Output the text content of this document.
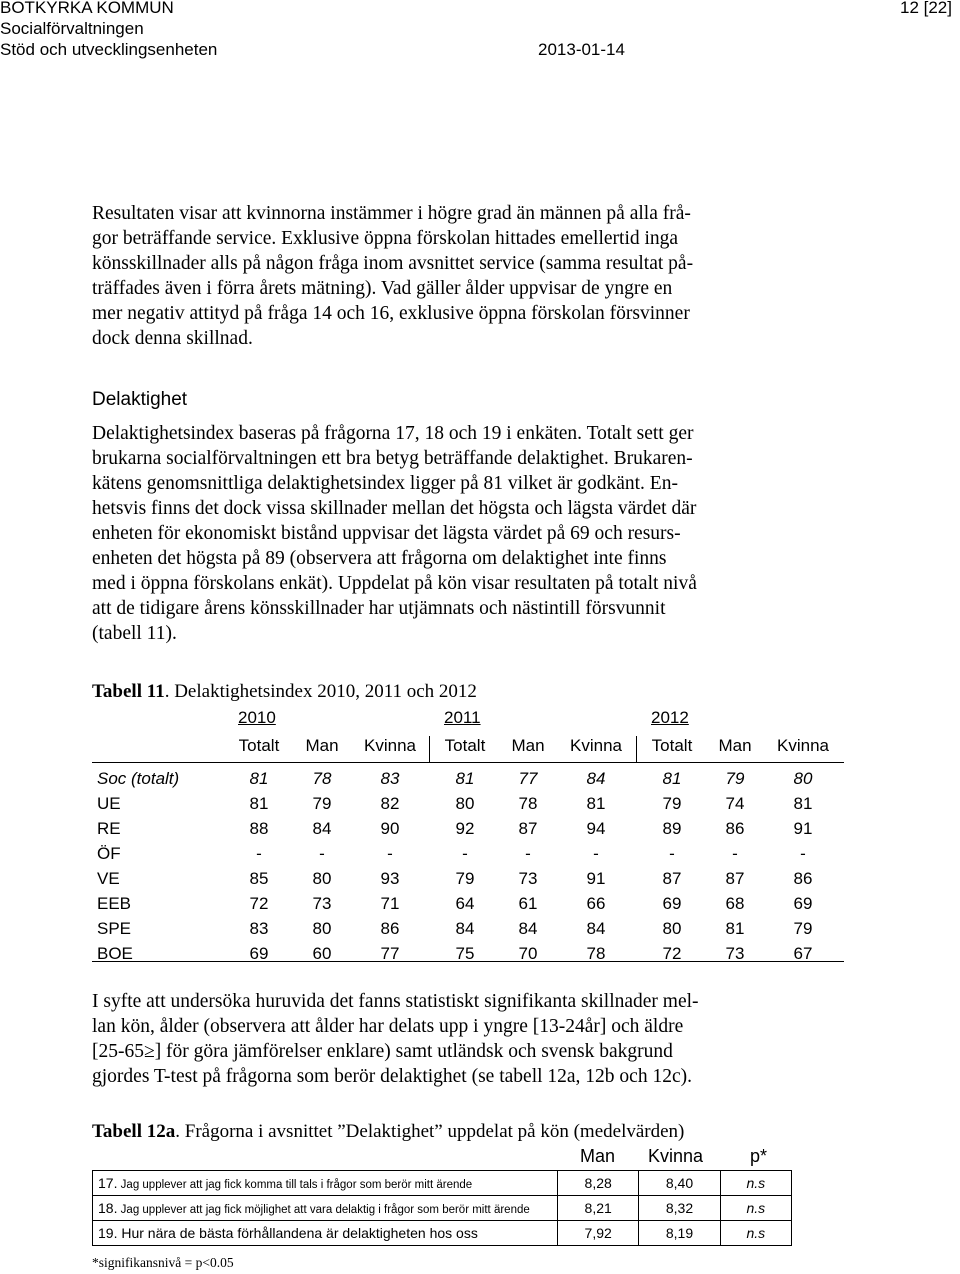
BOTKYRKA KOMMUN
Socialförvaltningen
Stöd och utvecklingsenheten	2013-01-14
12 [22]
Resultaten visar att kvinnorna instämmer i högre grad än männen på alla frå-
gor beträffande service. Exklusive öppna förskolan hittades emellertid inga
könsskillnader alls på någon fråga inom avsnittet service (samma resultat på-
träffades även i förra årets mätning). Vad gäller ålder uppvisar de yngre en
mer negativ attityd på fråga 14 och 16, exklusive öppna förskolan försvinner
dock denna skillnad.
Delaktighet
Delaktighetsindex baseras på frågorna 17, 18 och 19 i enkäten. Totalt sett ger
brukarna socialförvaltningen ett bra betyg beträffande delaktighet. Brukaren-
kätens genomsnittliga delaktighetsindex ligger på 81 vilket är godkänt. En-
hetsvis finns det dock vissa skillnader mellan det högsta och lägsta värdet där
enheten för ekonomiskt bistånd uppvisar det lägsta värdet på 69 och resurs-
enheten det högsta på 89 (observera att frågorna om delaktighet inte finns
med i öppna förskolans enkät). Uppdelat på kön visar resultaten på totalt nivå
att de tidigare årens könsskillnader har utjämnats och nästintill försvunnit
(tabell 11).
Tabell 11. Delaktighetsindex 2010, 2011 och 2012
2010	2011	2012
Totalt	Man	Kvinna	Totalt	Man	Kvinna	Totalt	Man	Kvinna
Soc (totalt)	81	78	83	81	77	84	81	79	80
UE	81	79	82	80	78	81	79	74	81
RE	88	84	90	92	87	94	89	86	91
ÖF	-	-	-	-	-	-	-	-	-
VE	85	80	93	79	73	91	87	87	86
EEB	72	73	71	64	61	66	69	68	69
SPE	83	80	86	84	84	84	80	81	79
BOE	69	60	77	75	70	78	72	73	67
I syfte att undersöka huruvida det fanns statistiskt signifikanta skillnader mel-
lan kön, ålder (observera att ålder har delats upp i yngre [13-24år] och äldre
[25-65≥] för göra jämförelser enklare) samt utländsk och svensk bakgrund
gjordes T-test på frågorna som berör delaktighet (se tabell 12a, 12b och 12c).
Tabell 12a. Frågorna i avsnittet ”Delaktighet” uppdelat på kön (medelvärden)
Man Kvinna	p*
17. Jag upplever att jag fick komma till tals i frågor som berör mitt ärende	8,28	8,40	n.s
18. Jag upplever att jag fick möjlighet att vara delaktig i frågor som berör mitt ärende	8,21	8,32	n.s
19. Hur nära de bästa förhållandena är delaktigheten hos oss	7,92	8,19	n.s
*signifikansnivå = p<0.05
